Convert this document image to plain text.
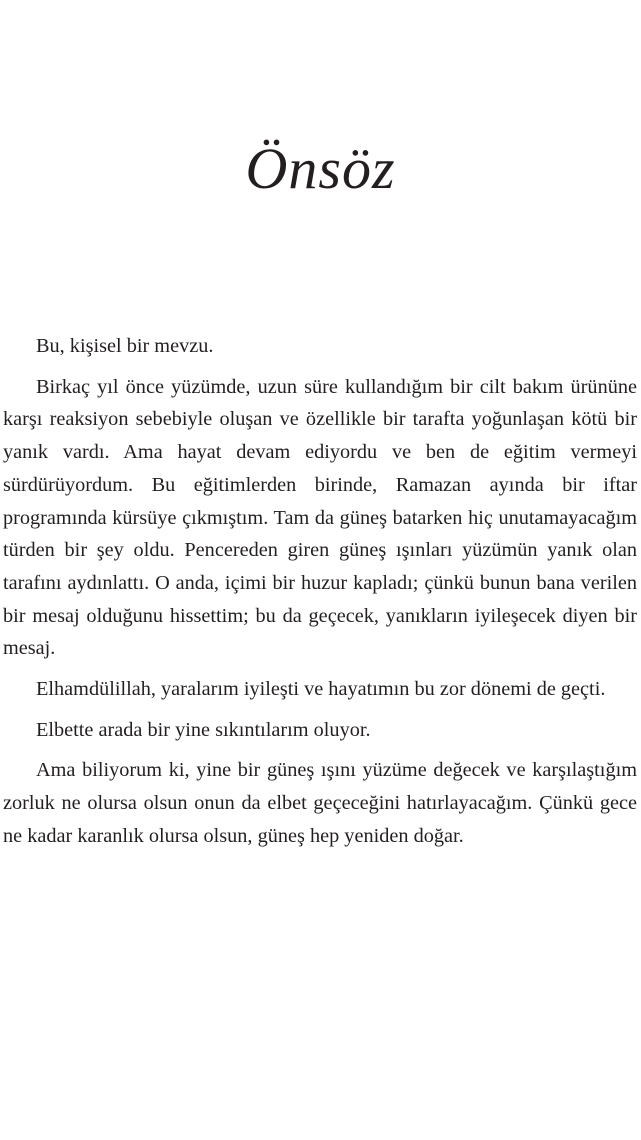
Önsöz

Bu, kişisel bir mevzu.

Birkaç yıl önce yüzümde, uzun süre kullandığım bir cilt bakım ürününe karşı reaksiyon sebebiyle oluşan ve özellikle bir tarafta yoğunlaşan kötü bir yanık vardı. Ama hayat devam ediyordu ve ben de eğitim vermeyi sürdürüyordum. Bu eğitimlerden birinde, Ramazan ayında bir iftar programında kürsüye çıkmıştım. Tam da güneş batarken hiç unutamayacağım türden bir şey oldu. Pencereden giren güneş ışınları yüzümün yanık olan tarafını aydınlattı. O anda, içimi bir huzur kapladı; çünkü bunun bana verilen bir mesaj olduğunu hissettim; bu da geçecek, yanıkların iyileşecek diyen bir mesaj.

Elhamdülillah, yaralarım iyileşti ve hayatımın bu zor dönemi de geçti.

Elbette arada bir yine sıkıntılarım oluyor.

Ama biliyorum ki, yine bir güneş ışını yüzüme değecek ve karşılaştığım zorluk ne olursa olsun onun da elbet geçeceğini hatırlayacağım. Çünkü gece ne kadar karanlık olursa olsun, güneş hep yeniden doğar.
